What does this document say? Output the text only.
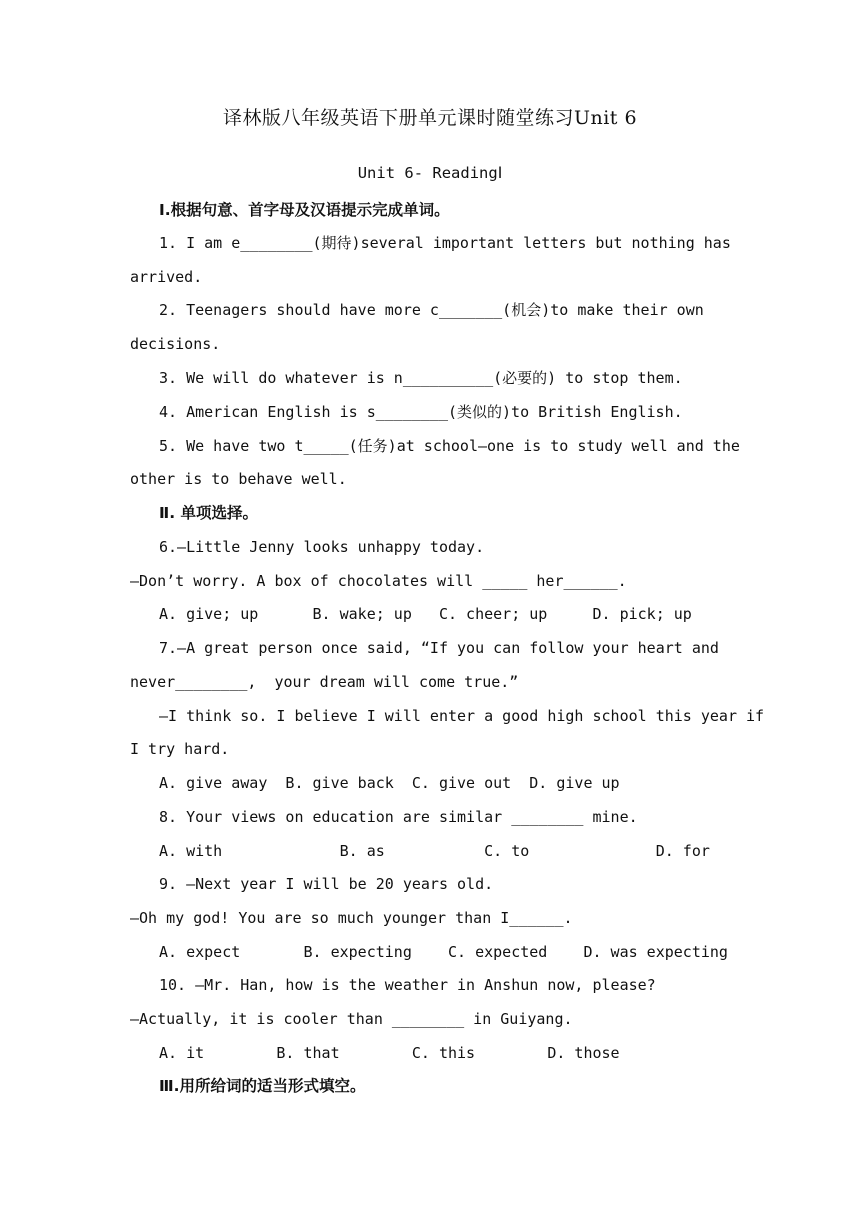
译林版八年级英语下册单元课时随堂练习Unit 6
Unit 6- ReadingⅠ
Ⅰ.根据句意、首字母及汉语提示完成单词。
1. I am e________(期待)several important letters but nothing has
arrived.
2. Teenagers should have more c_______(机会)to make their own
decisions.
3. We will do whatever is n__________(必要的) to stop them.
4. American English is s________(类似的)to British English.
5. We have two t_____(任务)at school—one is to study well and the
other is to behave well.
Ⅱ. 单项选择。
6.—Little Jenny looks unhappy today.
—Don’t worry. A box of chocolates will _____ her______.
A. give; up      B. wake; up   C. cheer; up     D. pick; up
7.—A great person once said, “If you can follow your heart and
never________,  your dream will come true.”
—I think so. I believe I will enter a good high school this year if
I try hard.
A. give away  B. give back  C. give out  D. give up
8. Your views on education are similar ________ mine.
A. with             B. as           C. to              D. for
9. —Next year I will be 20 years old.
—Oh my god! You are so much younger than I______.
A. expect       B. expecting    C. expected    D. was expecting
10. —Mr. Han, how is the weather in Anshun now, please?
—Actually, it is cooler than ________ in Guiyang.
A. it        B. that        C. this        D. those
Ⅲ.用所给词的适当形式填空。
